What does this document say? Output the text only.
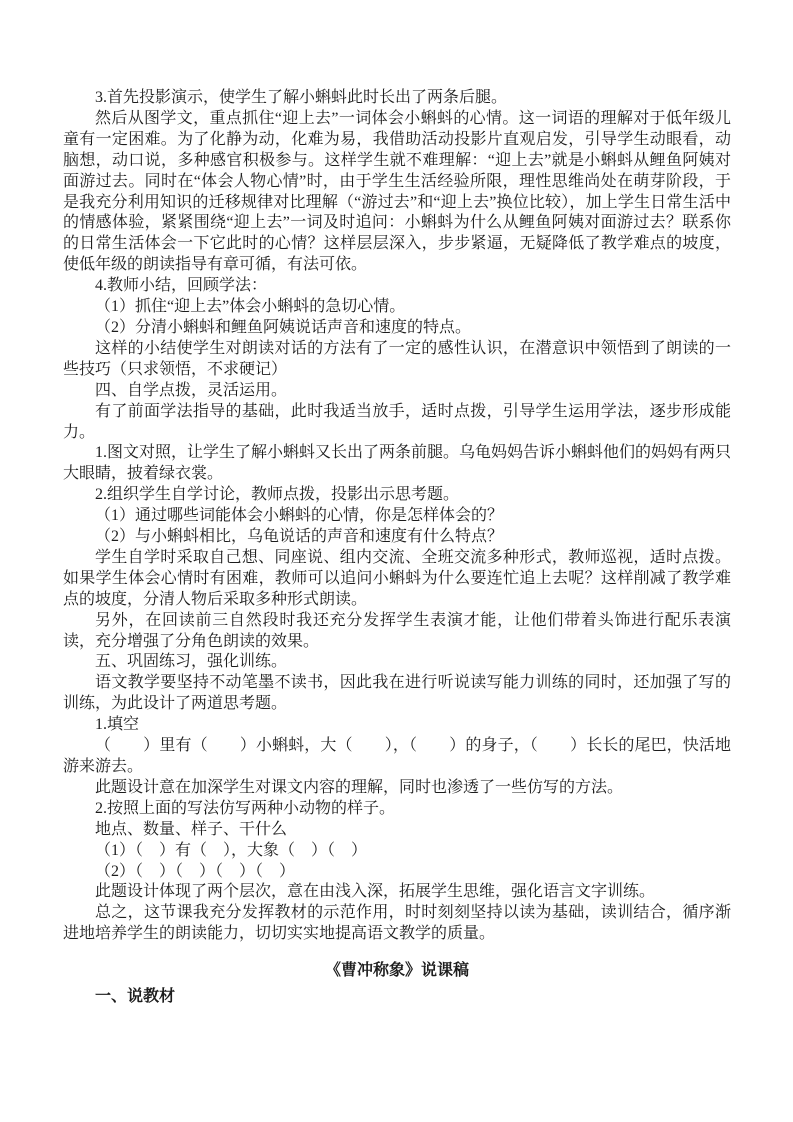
3.首先投影演示，使学生了解小蝌蚪此时长出了两条后腿。

然后从图学文，重点抓住“迎上去”一词体会小蝌蚪的心情。这一词语的理解对于低年级儿童有一定困难。为了化静为动，化难为易，我借助活动投影片直观启发，引导学生动眼看，动脑想，动口说，多种感官积极参与。这样学生就不难理解：“迎上去”就是小蝌蚪从鲤鱼阿姨对面游过去。同时在“体会人物心情”时，由于学生生活经验所限，理性思维尚处在萌芽阶段，于是我充分利用知识的迁移规律对比理解（“游过去”和“迎上去”换位比较），加上学生日常生活中的情感体验，紧紧围绕“迎上去”一词及时追问：小蝌蚪为什么从鲤鱼阿姨对面游过去？联系你的日常生活体会一下它此时的心情？这样层层深入，步步紧逼，无疑降低了教学难点的坡度，使低年级的朗读指导有章可循，有法可依。

4.教师小结，回顾学法：

（1）抓住“迎上去”体会小蝌蚪的急切心情。

（2）分清小蝌蚪和鲤鱼阿姨说话声音和速度的特点。

这样的小结使学生对朗读对话的方法有了一定的感性认识，在潜意识中领悟到了朗读的一些技巧（只求领悟，不求硬记）

四、自学点拨，灵活运用。

有了前面学法指导的基础，此时我适当放手，适时点拨，引导学生运用学法，逐步形成能力。

1.图文对照，让学生了解小蝌蚪又长出了两条前腿。乌龟妈妈告诉小蝌蚪他们的妈妈有两只大眼睛，披着绿衣裳。

2.组织学生自学讨论，教师点拨，投影出示思考题。

（1）通过哪些词能体会小蝌蚪的心情，你是怎样体会的？

（2）与小蝌蚪相比，乌龟说话的声音和速度有什么特点？

学生自学时采取自己想、同座说、组内交流、全班交流多种形式，教师巡视，适时点拨。如果学生体会心情时有困难，教师可以追问小蝌蚪为什么要连忙追上去呢？这样削减了教学难点的坡度，分清人物后采取多种形式朗读。

另外，在回读前三自然段时我还充分发挥学生表演才能，让他们带着头饰进行配乐表演读，充分增强了分角色朗读的效果。

五、巩固练习，强化训练。

语文教学要坚持不动笔墨不读书，因此我在进行听说读写能力训练的同时，还加强了写的训练，为此设计了两道思考题。

1.填空

（　　）里有（　　）小蝌蚪，大（　　），（　　）的身子，（　　）长长的尾巴，快活地游来游去。

此题设计意在加深学生对课文内容的理解，同时也渗透了一些仿写的方法。

2.按照上面的写法仿写两种小动物的样子。

地点、数量、样子、干什么

（1）（　）有（　），大象（　）（　）

（2）（　）（　）（　）（　）

此题设计体现了两个层次，意在由浅入深，拓展学生思维，强化语言文字训练。

总之，这节课我充分发挥教材的示范作用，时时刻刻坚持以读为基础，读训结合，循序渐进地培养学生的朗读能力，切切实实地提高语文教学的质量。

《曹冲称象》说课稿

一、说教材
